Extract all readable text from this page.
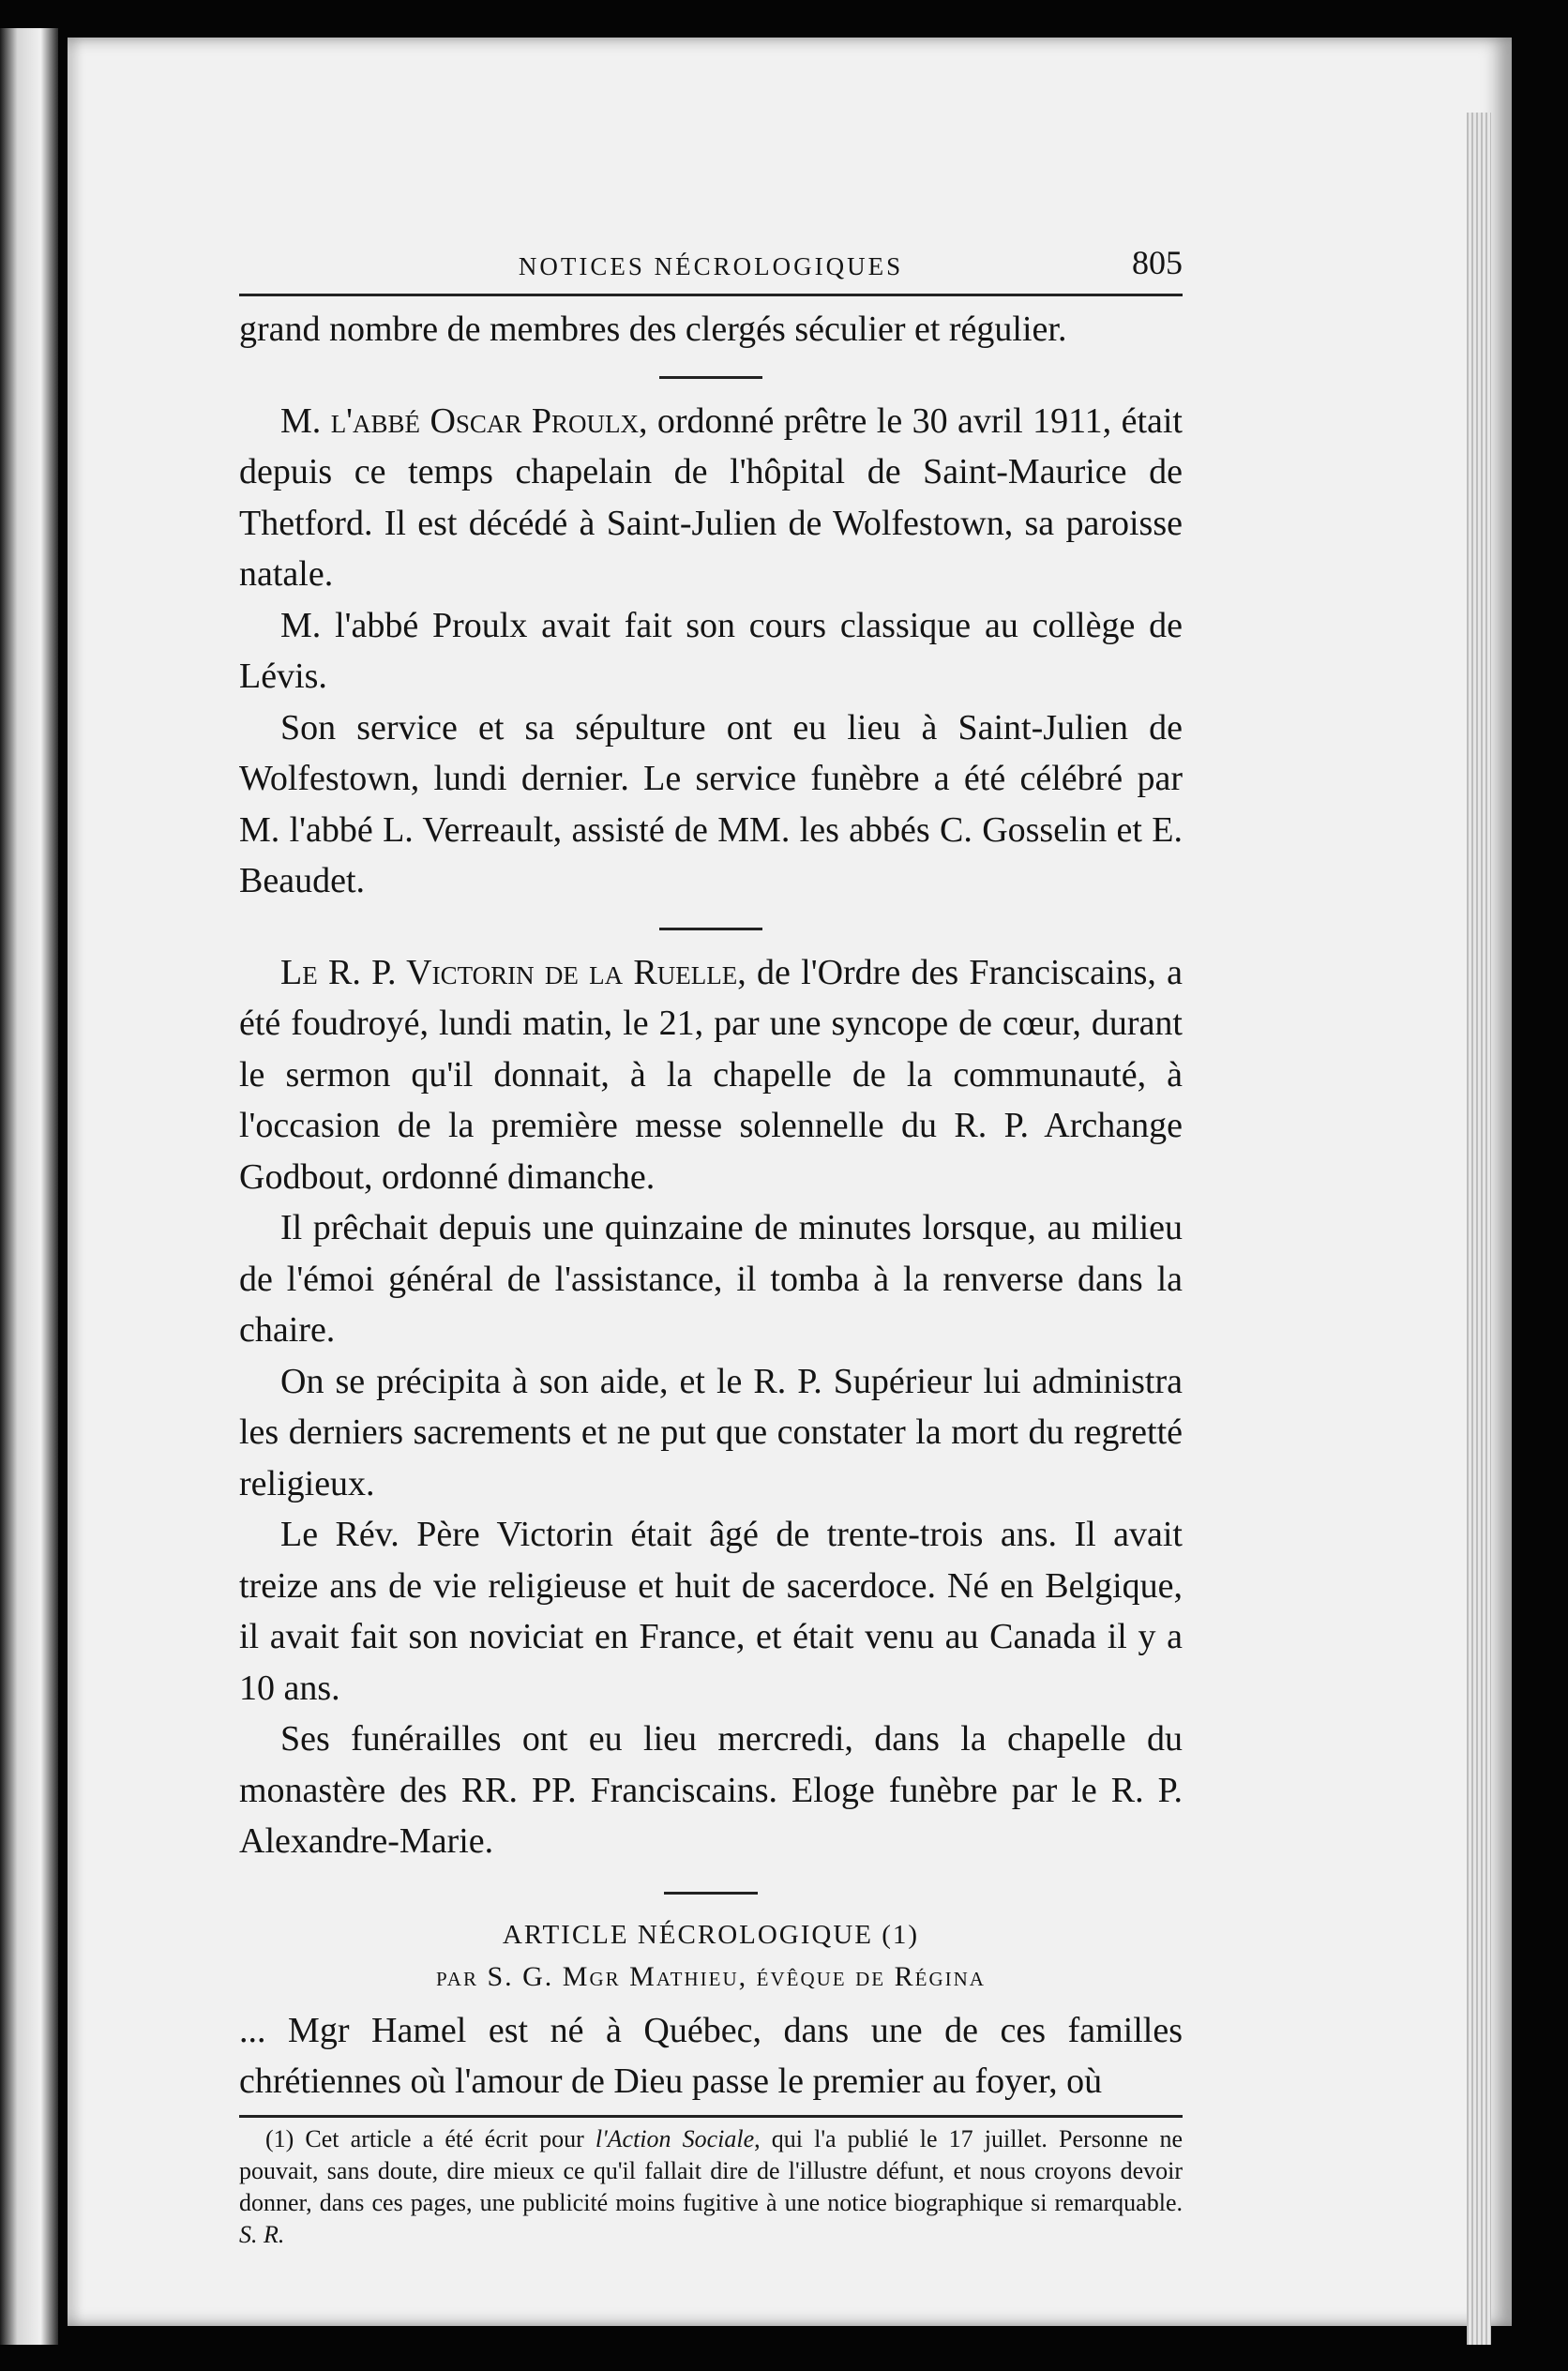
NOTICES NÉCROLOGIQUES	805

grand nombre de membres des clergés séculier et régulier.

M. l'abbé Oscar Proulx, ordonné prêtre le 30 avril 1911, était depuis ce temps chapelain de l'hôpital de Saint-Maurice de Thetford. Il est décédé à Saint-Julien de Wolfestown, sa paroisse natale.

M. l'abbé Proulx avait fait son cours classique au collège de Lévis.

Son service et sa sépulture ont eu lieu à Saint-Julien de Wolfestown, lundi dernier. Le service funèbre a été célébré par M. l'abbé L. Verreault, assisté de MM. les abbés C. Gosselin et E. Beaudet.

Le R. P. Victorin de la Ruelle, de l'Ordre des Franciscains, a été foudroyé, lundi matin, le 21, par une syncope de cœur, durant le sermon qu'il donnait, à la chapelle de la communauté, à l'occasion de la première messe solennelle du R. P. Archange Godbout, ordonné dimanche.

Il prêchait depuis une quinzaine de minutes lorsque, au milieu de l'émoi général de l'assistance, il tomba à la renverse dans la chaire.

On se précipita à son aide, et le R. P. Supérieur lui administra les derniers sacrements et ne put que constater la mort du regretté religieux.

Le Rév. Père Victorin était âgé de trente-trois ans. Il avait treize ans de vie religieuse et huit de sacerdoce. Né en Belgique, il avait fait son noviciat en France, et était venu au Canada il y a 10 ans.

Ses funérailles ont eu lieu mercredi, dans la chapelle du monastère des RR. PP. Franciscains. Eloge funèbre par le R. P. Alexandre-Marie.

ARTICLE NÉCROLOGIQUE (1)
par S. G. Mgr Mathieu, évêque de Régina

... Mgr Hamel est né à Québec, dans une de ces familles chrétiennes où l'amour de Dieu passe le premier au foyer, où

(1) Cet article a été écrit pour l'Action Sociale, qui l'a publié le 17 juillet. Personne ne pouvait, sans doute, dire mieux ce qu'il fallait dire de l'illustre défunt, et nous croyons devoir donner, dans ces pages, une publicité moins fugitive à une notice biographique si remarquable. S. R.
